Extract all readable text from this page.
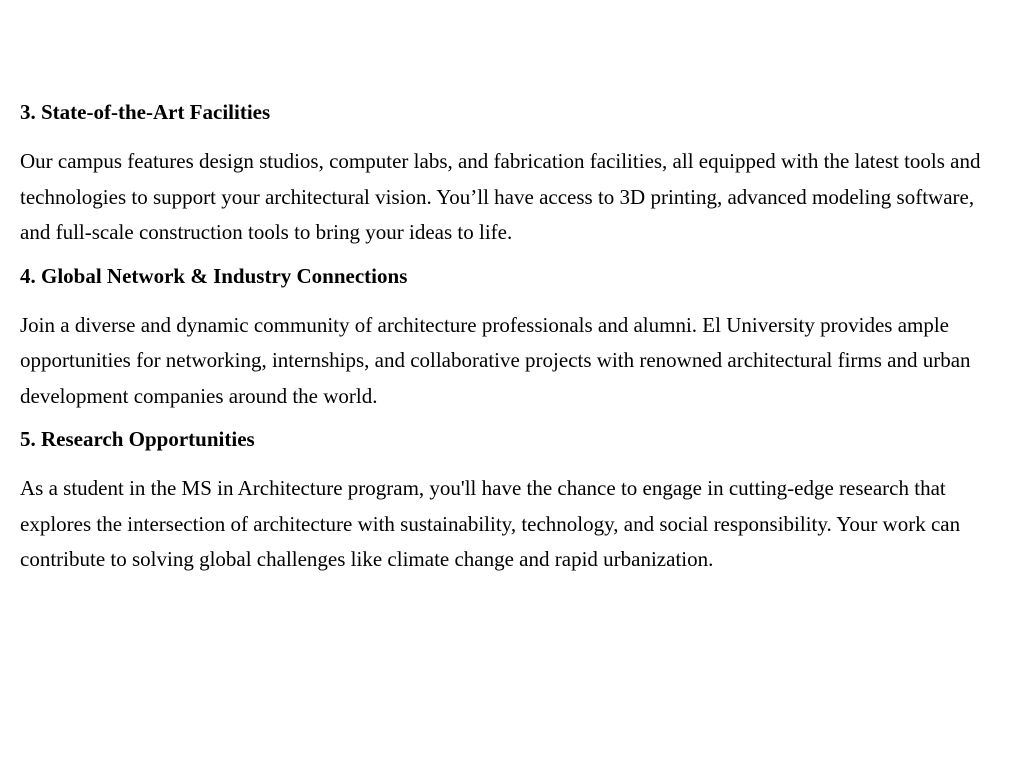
3. State-of-the-Art Facilities

Our campus features design studios, computer labs, and fabrication facilities, all equipped with the latest tools and technologies to support your architectural vision. You’ll have access to 3D printing, advanced modeling software, and full-scale construction tools to bring your ideas to life.

4. Global Network & Industry Connections

Join a diverse and dynamic community of architecture professionals and alumni. El University provides ample opportunities for networking, internships, and collaborative projects with renowned architectural firms and urban development companies around the world.

5. Research Opportunities

As a student in the MS in Architecture program, you'll have the chance to engage in cutting-edge research that explores the intersection of architecture with sustainability, technology, and social responsibility. Your work can contribute to solving global challenges like climate change and rapid urbanization.
